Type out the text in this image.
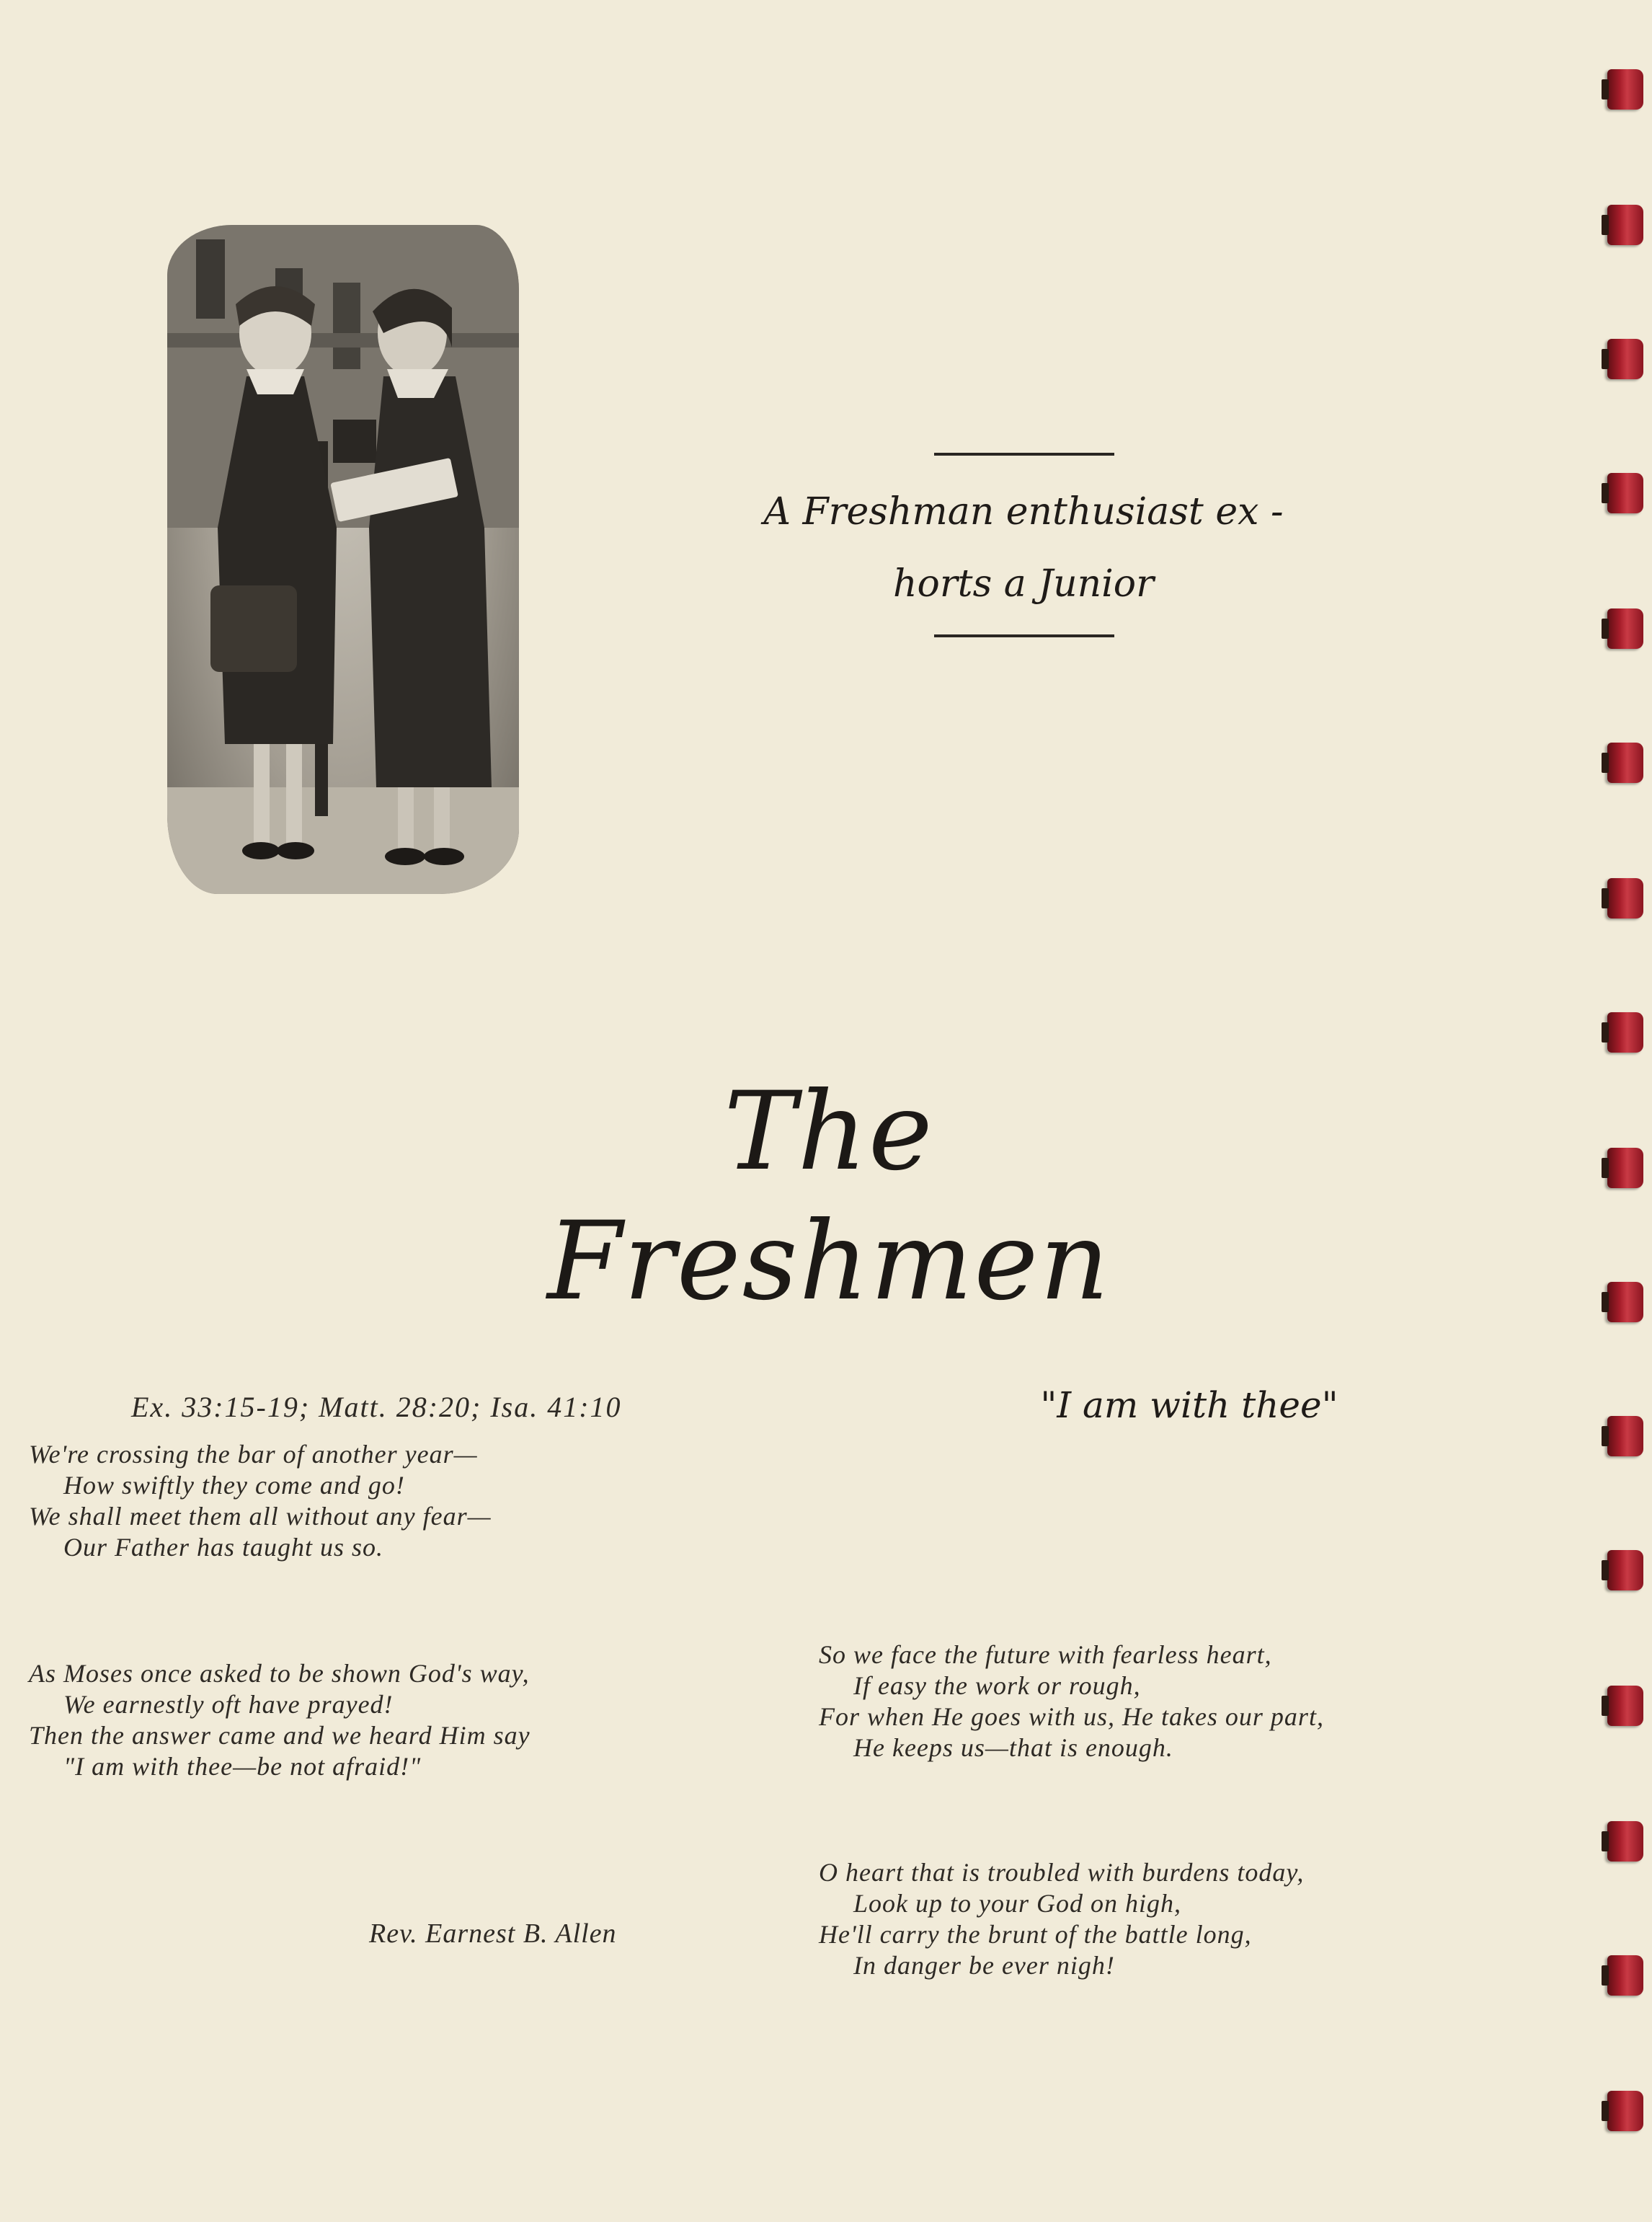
A Freshman enthusiast ex -
horts a Junior
The Freshmen
Ex. 33:15-19; Matt. 28:20; Isa. 41:10	"I am with thee"
We're crossing the bar of another year—
How swiftly they come and go!
We shall meet them all without any fear—
Our Father has taught us so.
As Moses once asked to be shown God's way,
We earnestly oft have prayed!
Then the answer came and we heard Him say
"I am with thee—be not afraid!"
So we face the future with fearless heart,
If easy the work or rough,
For when He goes with us, He takes our part,
He keeps us—that is enough.
O heart that is troubled with burdens today,
Look up to your God on high,
He'll carry the brunt of the battle long,
In danger be ever nigh!
Rev. Earnest B. Allen
